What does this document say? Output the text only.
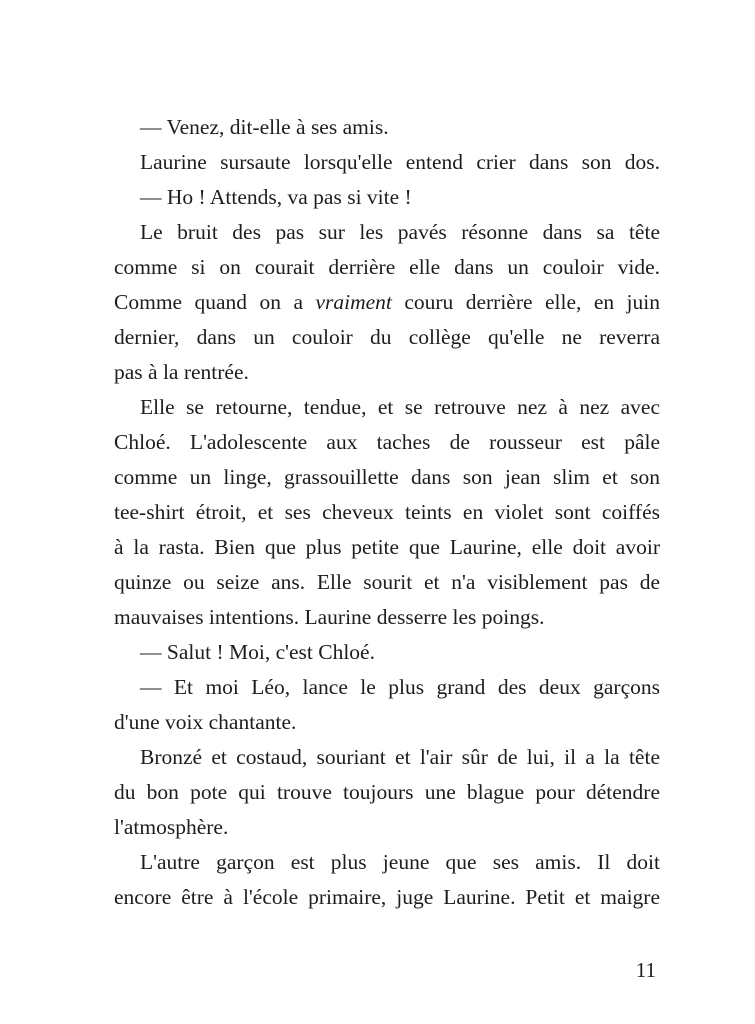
— Venez, dit-elle à ses amis.
Laurine sursaute lorsqu'elle entend crier dans son dos.
— Ho ! Attends, va pas si vite !
Le bruit des pas sur les pavés résonne dans sa tête
comme si on courait derrière elle dans un couloir vide.
Comme quand on a vraiment couru derrière elle, en juin
dernier, dans un couloir du collège qu'elle ne reverra
pas à la rentrée.
Elle se retourne, tendue, et se retrouve nez à nez avec
Chloé. L'adolescente aux taches de rousseur est pâle
comme un linge, grassouillette dans son jean slim et son
tee-shirt étroit, et ses cheveux teints en violet sont coiffés
à la rasta. Bien que plus petite que Laurine, elle doit avoir
quinze ou seize ans. Elle sourit et n'a visiblement pas de
mauvaises intentions. Laurine desserre les poings.
— Salut ! Moi, c'est Chloé.
— Et moi Léo, lance le plus grand des deux garçons
d'une voix chantante.
Bronzé et costaud, souriant et l'air sûr de lui, il a la tête
du bon pote qui trouve toujours une blague pour détendre
l'atmosphère.
L'autre garçon est plus jeune que ses amis. Il doit
encore être à l'école primaire, juge Laurine. Petit et maigre
11
